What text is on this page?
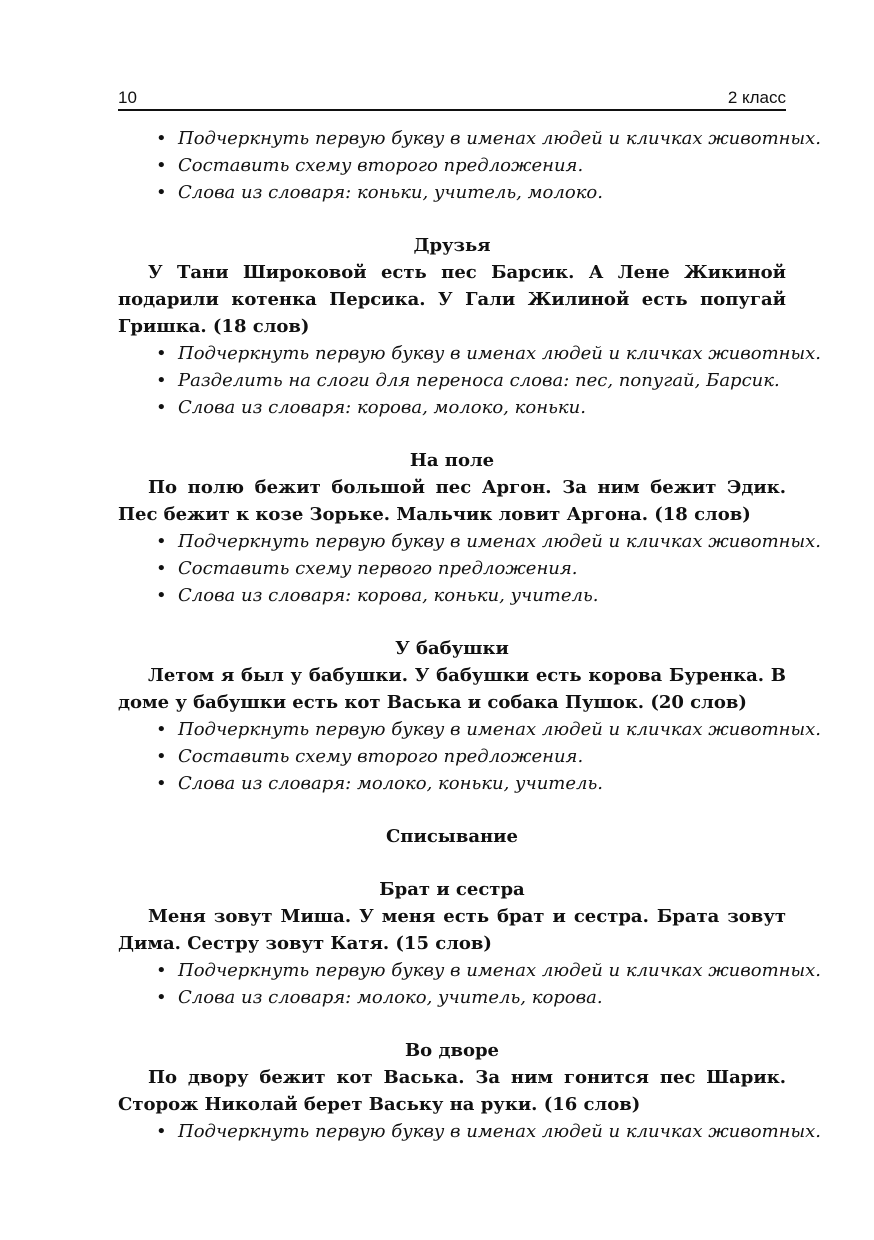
10	2 класс
• Подчеркнуть первую букву в именах людей и кличках животных.
• Составить схему второго предложения.
• Слова из словаря: коньки, учитель, молоко.
Друзья
У Тани Широковой есть пес Барсик. А Лене Жикиной подарили котенка Персика. У Гали Жилиной есть попугай Гришка. (18 слов)
• Подчеркнуть первую букву в именах людей и кличках животных.
• Разделить на слоги для переноса слова: пес, попугай, Барсик.
• Слова из словаря: корова, молоко, коньки.
На поле
По полю бежит большой пес Аргон. За ним бежит Эдик. Пес бежит к козе Зорьке. Мальчик ловит Аргона. (18 слов)
• Подчеркнуть первую букву в именах людей и кличках животных.
• Составить схему первого предложения.
• Слова из словаря: корова, коньки, учитель.
У бабушки
Летом я был у бабушки. У бабушки есть корова Буренка. В доме у бабушки есть кот Васька и собака Пушок. (20 слов)
• Подчеркнуть первую букву в именах людей и кличках животных.
• Составить схему второго предложения.
• Слова из словаря: молоко, коньки, учитель.
Списывание
Брат и сестра
Меня зовут Миша. У меня есть брат и сестра. Брата зовут Дима. Сестру зовут Катя. (15 слов)
• Подчеркнуть первую букву в именах людей и кличках животных.
• Слова из словаря: молоко, учитель, корова.
Во дворе
По двору бежит кот Васька. За ним гонится пес Шарик. Сторож Николай берет Ваську на руки. (16 слов)
• Подчеркнуть первую букву в именах людей и кличках животных.
